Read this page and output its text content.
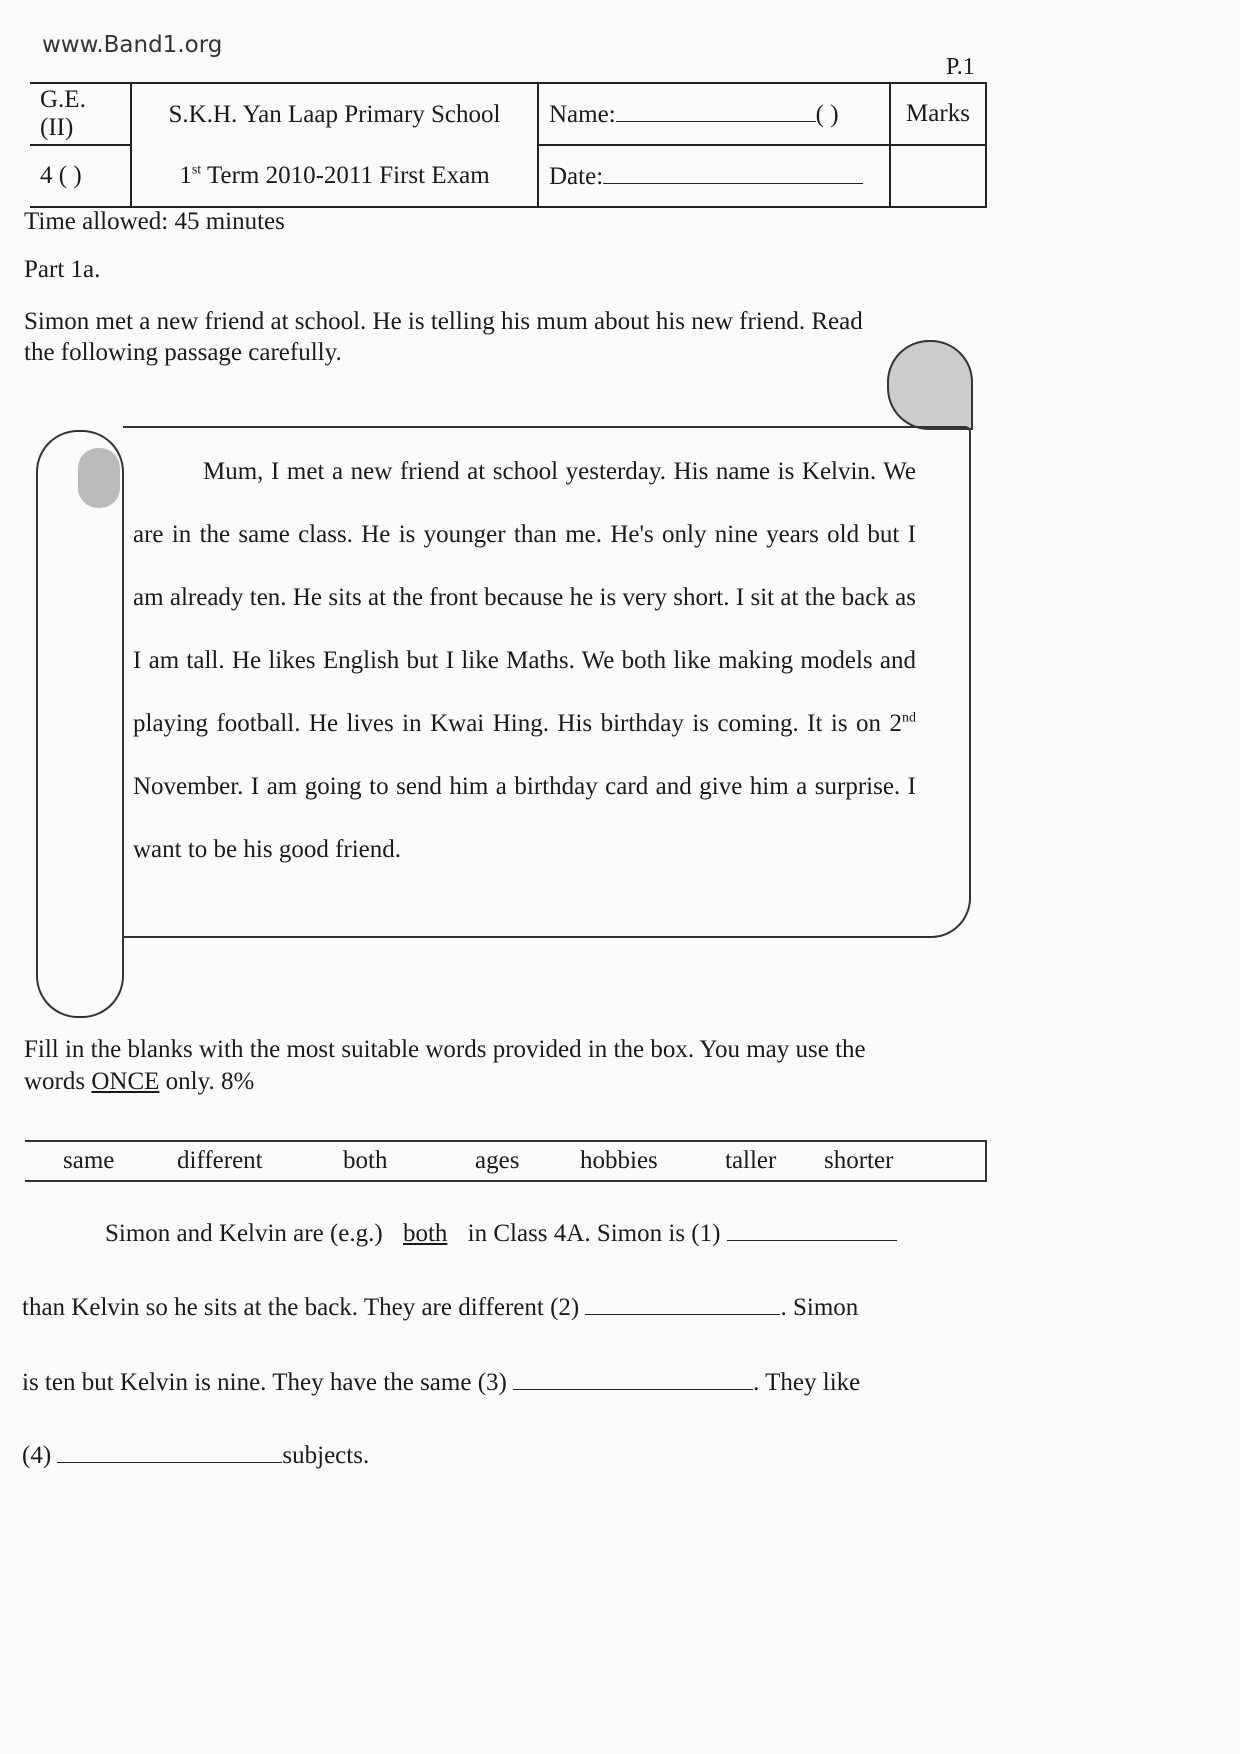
www.Band1.org
P.1
G.E. (II)	S.K.H. Yan Laap Primary School	Name: ( )	Marks
4 ( )	1st Term 2010-2011 First Exam	Date:	
Time allowed: 45 minutes
Part 1a.
Simon met a new friend at school. He is telling his mum about his new friend. Read
the following passage carefully.

Mum, I met a new friend at school yesterday. His name is Kelvin. We are in the same class. He is younger than me. He's only nine years old but I am already ten. He sits at the front because he is very short. I sit at the back as I am tall. He likes English but I like Maths. We both like making models and playing football. He lives in Kwai Hing. His birthday is coming. It is on 2nd November. I am going to send him a birthday card and give him a surprise. I want to be his good friend.

Fill in the blanks with the most suitable words provided in the box. You may use the
words ONCE only. 8%
same	different	both	ages hobbies	taller shorter
Simon and Kelvin are (e.g.) both in Class 4A. Simon is (1)
than Kelvin so he sits at the back. They are different (2)	. Simon
is ten but Kelvin is nine. They have the same (3)	. They like
(4)	subjects.
